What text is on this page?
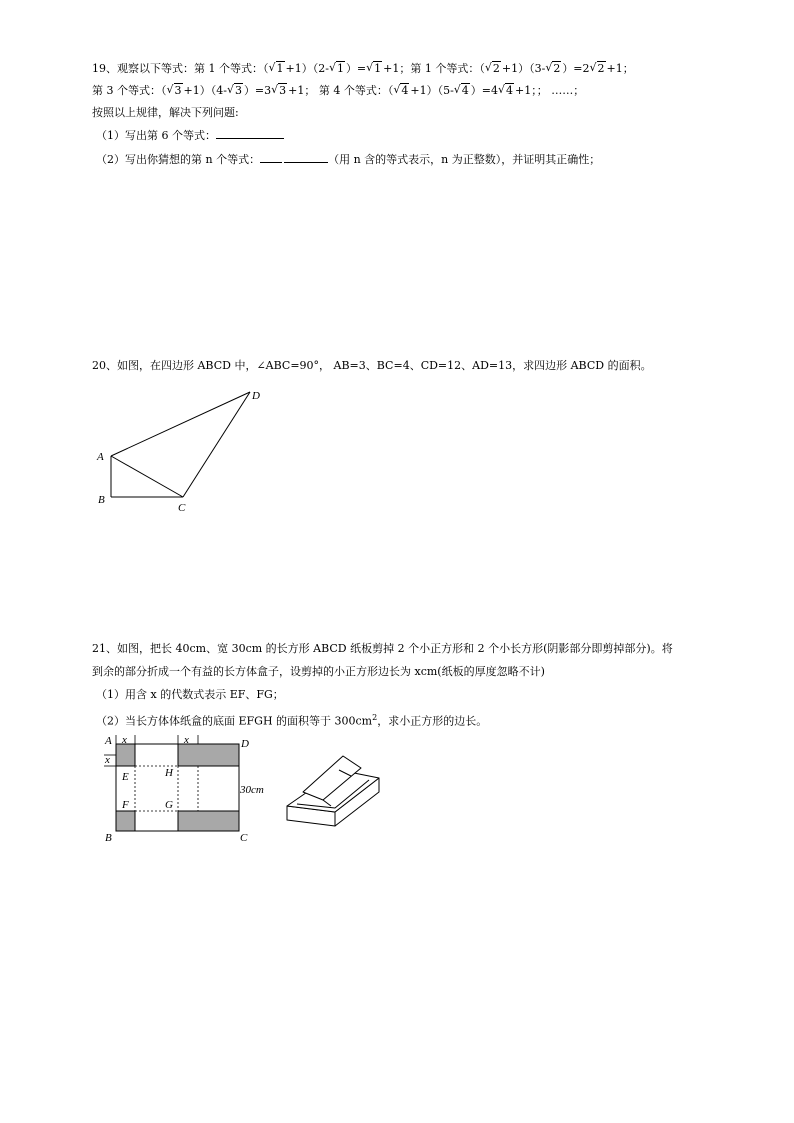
19、观察以下等式：第 1 个等式：（ √ 1 +1）（2- √ 1 ）= √ 1 +1；第 1 个等式：（ √ 2 +1）（3- √ 2 ）=2 √ 2 +1；
第 3 个等式：（ √ 3 +1）（4- √ 3 ）=3 √ 3 +1； 第 4 个等式：（ √ 4 +1）（5- √ 4 ）=4 √ 4 +1；； ……；
按照以上规律，解决下列问题:
（1）写出第 6 个等式：
（2）写出你猜想的第 n 个等式：	（用 n 含的等式表示，n 为正整数），并证明其正确性；
20、如图，在四边形 ABCD 中，∠ABC=90°， AB=3、BC=4、CD=12、AD=13，求四边形 ABCD 的面积。
A
B
C
D
21、如图，把长 40cm、宽 30cm 的长方形 ABCD 纸板剪掉 2 个小正方形和 2 个小长方形(阴影部分即剪掉部分)。将
到余的部分折成一个有益的长方体盒子，设剪掉的小正方形边长为 xcm(纸板的厚度忽略不计)
（1）用含 x 的代数式表示 EF、FG；
（2）当长方体体纸盒的底面 EFGH 的面积等于 $300cm^2$，求小正方形的边长。
x	x
x
A
B	C
D
E
F	G
H
30cm
